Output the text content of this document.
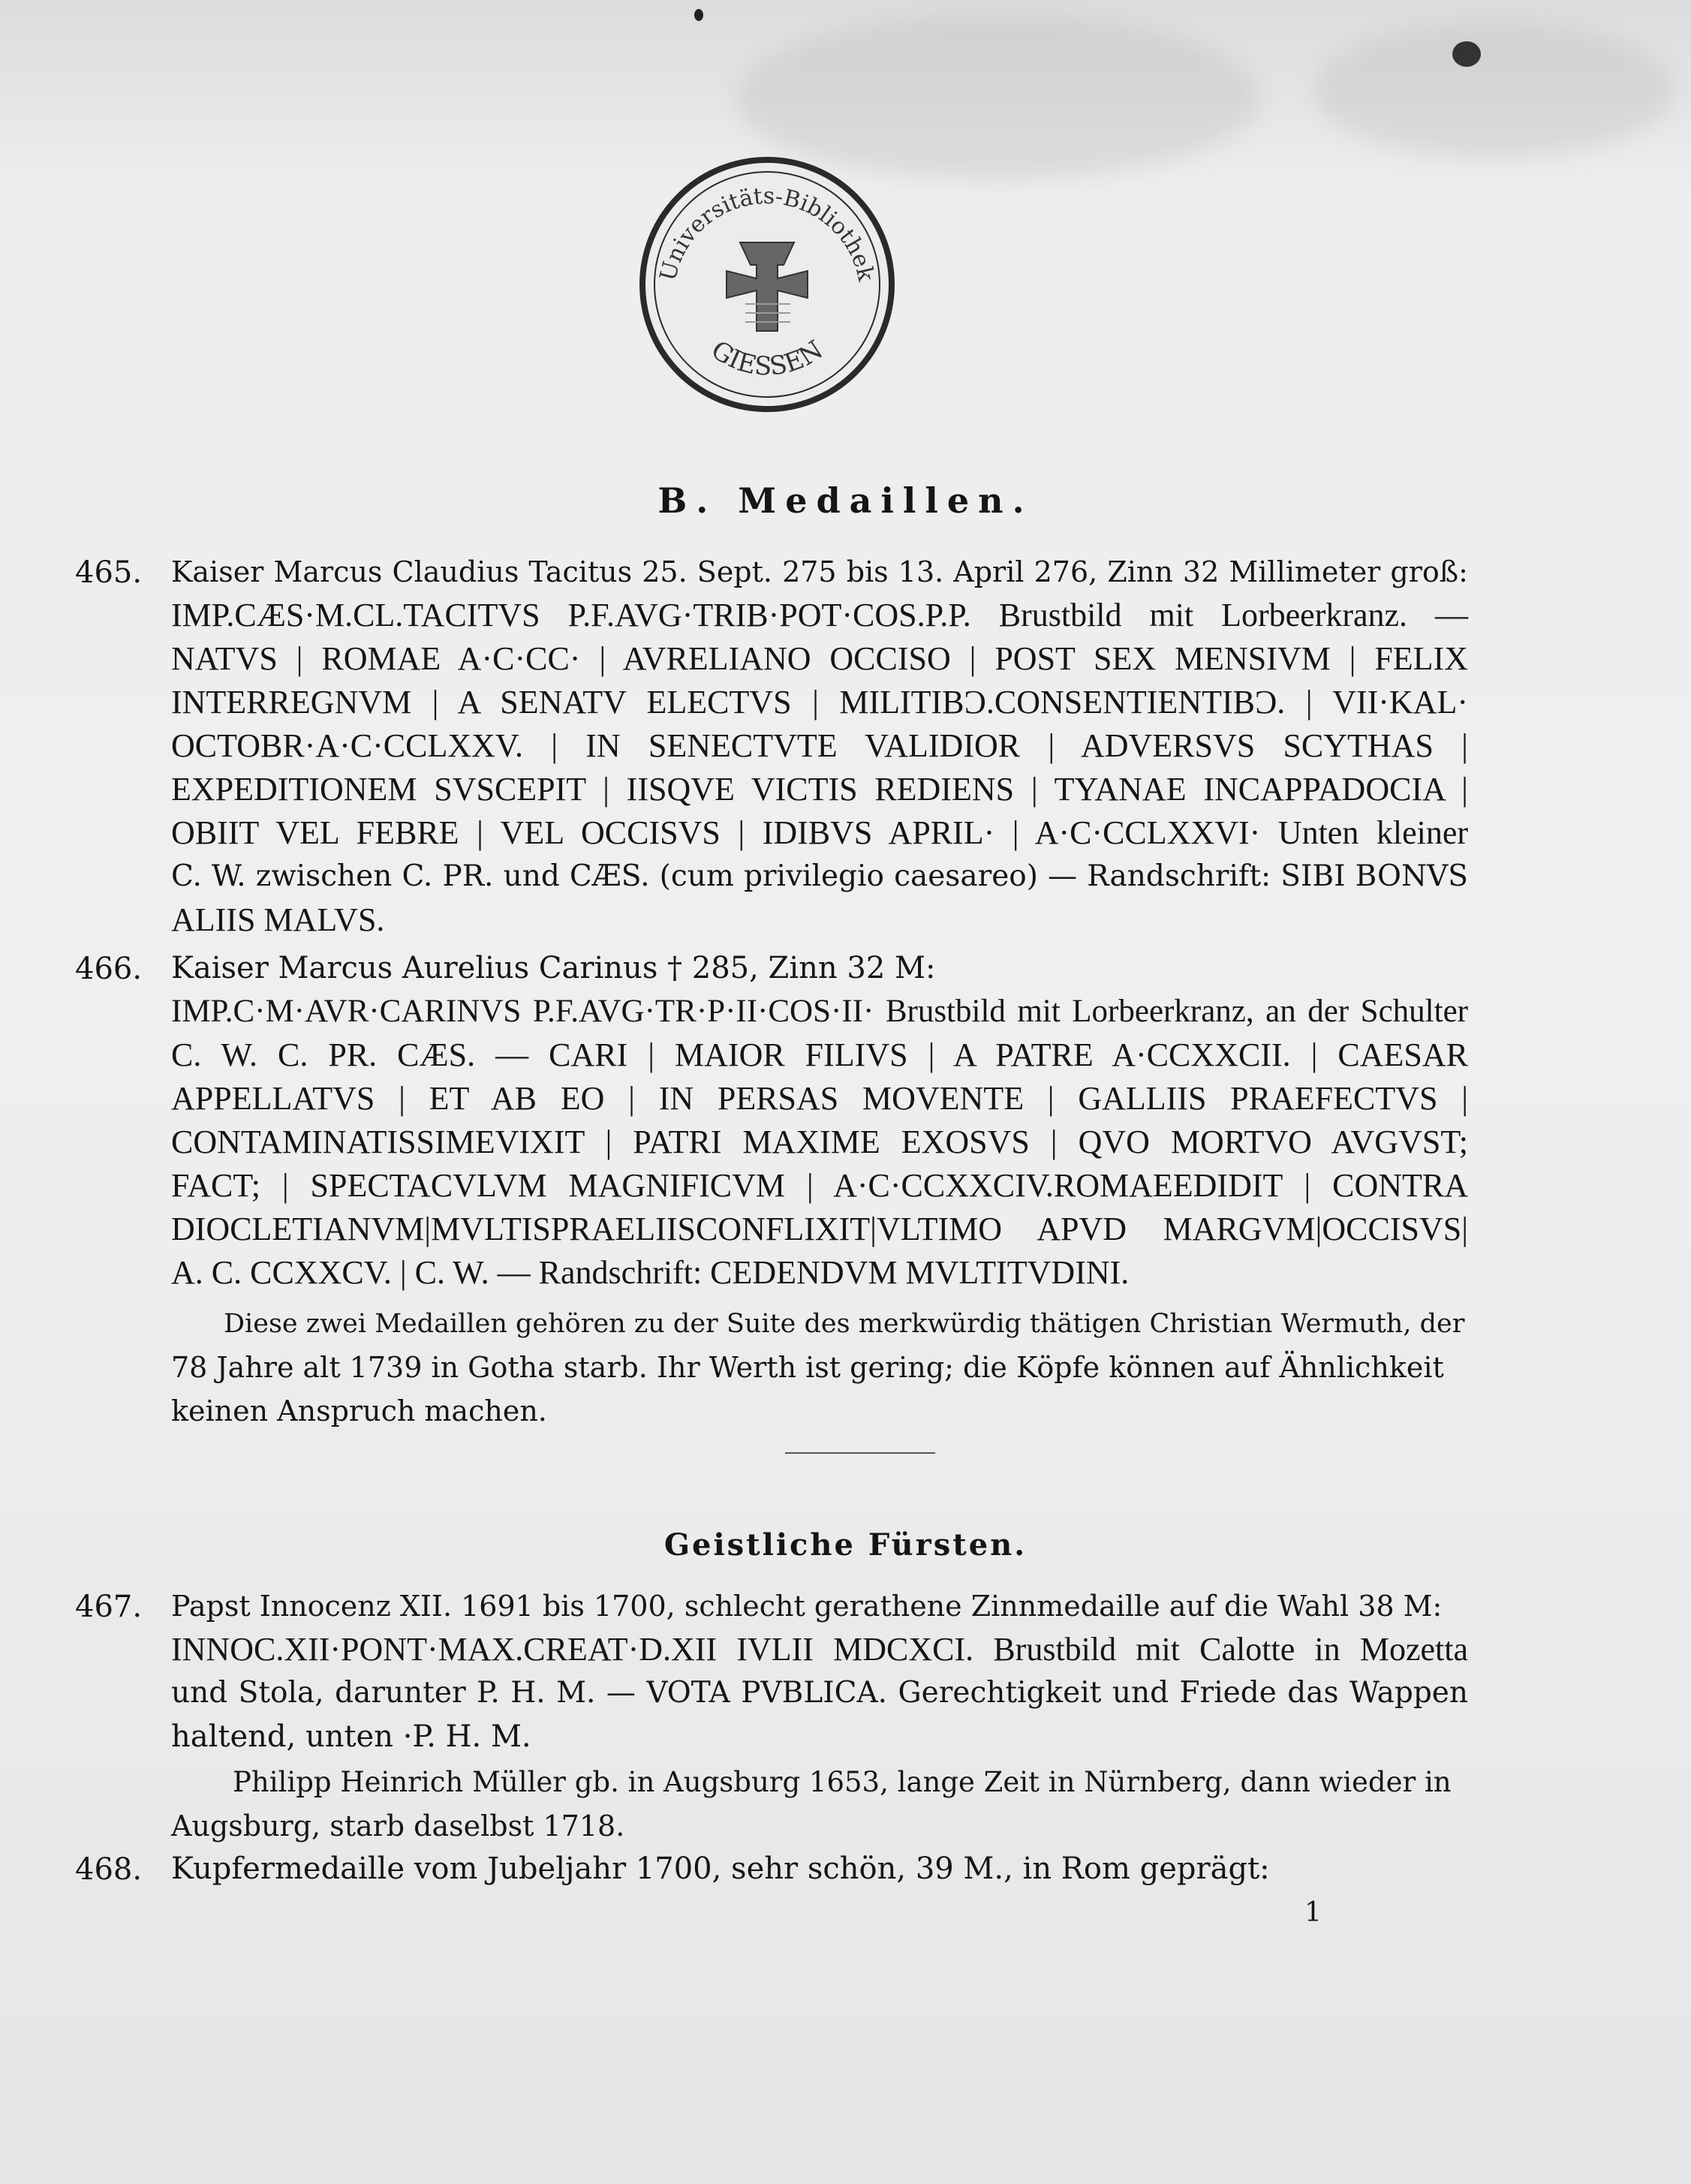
Universitäts-Bibliothek
GIESSEN
B. Medaillen.
465. Kaiser Marcus Claudius Tacitus 25. Sept. 275 bis 13. April 276, Zinn 32 Millimeter groß:
IMP.CÆS·M.CL.TACITVS P.F.AVG·TRIB·POT·COS.P.P. Brustbild mit Lorbeerkranz. —
NATVS | ROMAE A·C·CC· | AVRELIANO OCCISO | POST SEX MENSIVM | FELIX
INTERREGNVM | A SENATV ELECTVS | MILITIBƆ.CONSENTIENTIBƆ. | VII·KAL·
OCTOBR·A·C·CCLXXV. | IN SENECTVTE VALIDIOR | ADVERSVS SCYTHAS |
EXPEDITIONEM SVSCEPIT | IISQVE VICTIS REDIENS | TYANAE INCAPPADOCIA |
OBIIT VEL FEBRE | VEL OCCISVS | IDIBVS APRIL· | A·C·CCLXXVI· Unten kleiner
C. W. zwischen C. PR. und CÆS. (cum privilegio caesareo) — Randschrift: SIBI BONVS
ALIIS MALVS.
466. Kaiser Marcus Aurelius Carinus † 285, Zinn 32 M:
IMP.C·M·AVR·CARINVS P.F.AVG·TR·P·II·COS·II· Brustbild mit Lorbeerkranz, an der Schulter
C. W. C. PR. CÆS. — CARI | MAIOR FILIVS | A PATRE A·CCXXCII. | CAESAR
APPELLATVS | ET AB EO | IN PERSAS MOVENTE | GALLIIS PRAEFECTVS |
CONTAMINATISSIMEVIXIT | PATRI MAXIME EXOSVS | QVO MORTVO AVGVST;
FACT; | SPECTACVLVM MAGNIFICVM | A·C·CCXXCIV.ROMAEEDIDIT | CONTRA
DIOCLETIANVM|MVLTISPRAELIISCONFLIXIT|VLTIMO APVD MARGVM|OCCISVS|
A. C. CCXXCV. | C. W. — Randschrift: CEDENDVM MVLTITVDINI.
Diese zwei Medaillen gehören zu der Suite des merkwürdig thätigen Christian Wermuth, der
78 Jahre alt 1739 in Gotha starb. Ihr Werth ist gering; die Köpfe können auf Ähnlichkeit
keinen Anspruch machen.
Geistliche Fürsten.
467. Papst Innocenz XII. 1691 bis 1700, schlecht gerathene Zinnmedaille auf die Wahl 38 M:
INNOC.XII·PONT·MAX.CREAT·D.XII IVLII MDCXCI. Brustbild mit Calotte in Mozetta
und Stola, darunter P. H. M. — VOTA PVBLICA. Gerechtigkeit und Friede das Wappen
haltend, unten ·P. H. M.
Philipp Heinrich Müller gb. in Augsburg 1653, lange Zeit in Nürnberg, dann wieder in
Augsburg, starb daselbst 1718.
468. Kupfermedaille vom Jubeljahr 1700, sehr schön, 39 M., in Rom geprägt:
1
